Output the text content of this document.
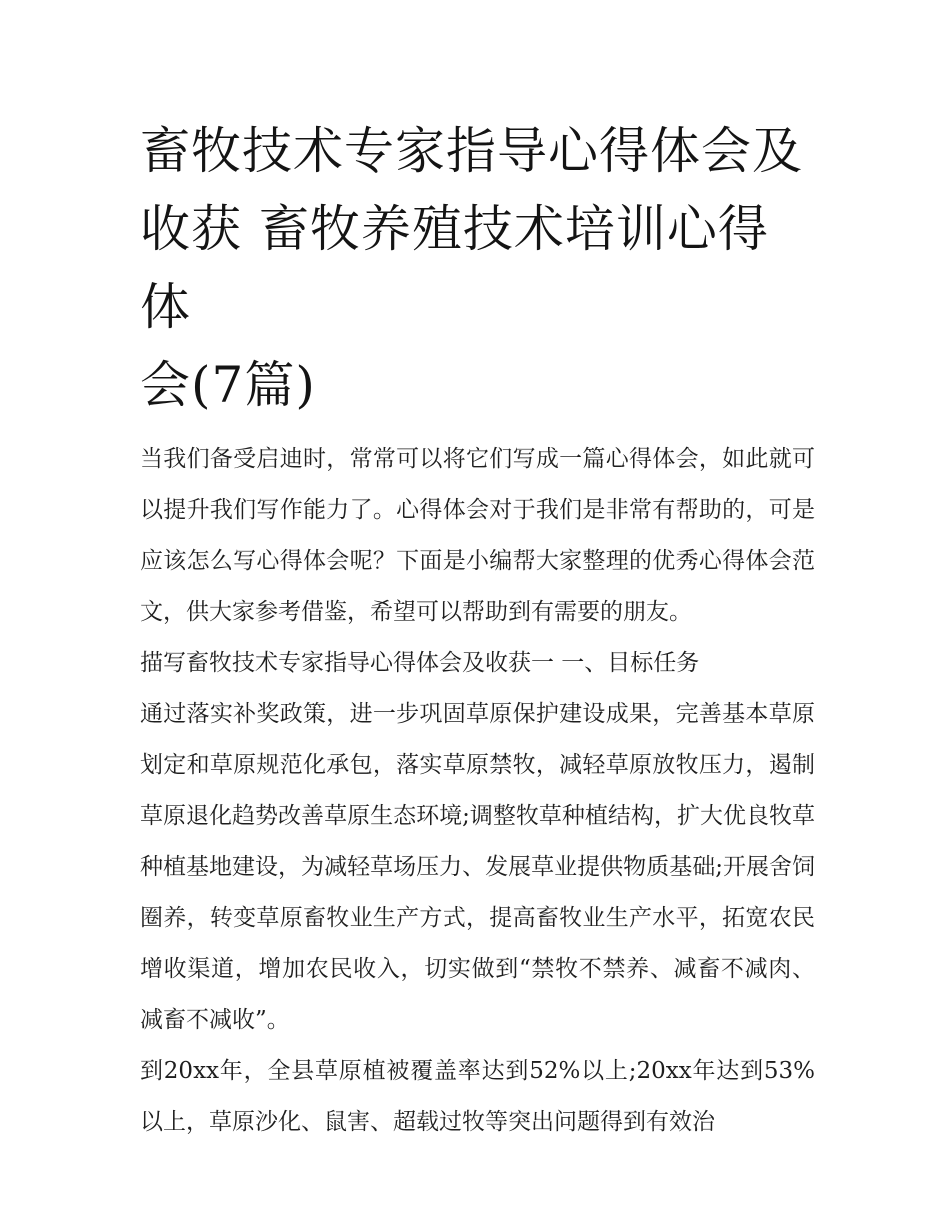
畜牧技术专家指导心得体会及
收获 畜牧养殖技术培训心得体
会(7篇)

当我们备受启迪时，常常可以将它们写成一篇心得体会，如此就可以提升我们写作能力了。心得体会对于我们是非常有帮助的，可是应该怎么写心得体会呢？下面是小编帮大家整理的优秀心得体会范文，供大家参考借鉴，希望可以帮助到有需要的朋友。

描写畜牧技术专家指导心得体会及收获一 一、目标任务

通过落实补奖政策，进一步巩固草原保护建设成果，完善基本草原划定和草原规范化承包，落实草原禁牧，减轻草原放牧压力，遏制草原退化趋势改善草原生态环境;调整牧草种植结构，扩大优良牧草种植基地建设，为减轻草场压力、发展草业提供物质基础;开展舍饲圈养，转变草原畜牧业生产方式，提高畜牧业生产水平，拓宽农民增收渠道，增加农民收入，切实做到“禁牧不禁养、减畜不减肉、减畜不减收”。

到20xx年，全县草原植被覆盖率达到52%以上;20xx年达到53%以上，草原沙化、鼠害、超载过牧等突出问题得到有效治
